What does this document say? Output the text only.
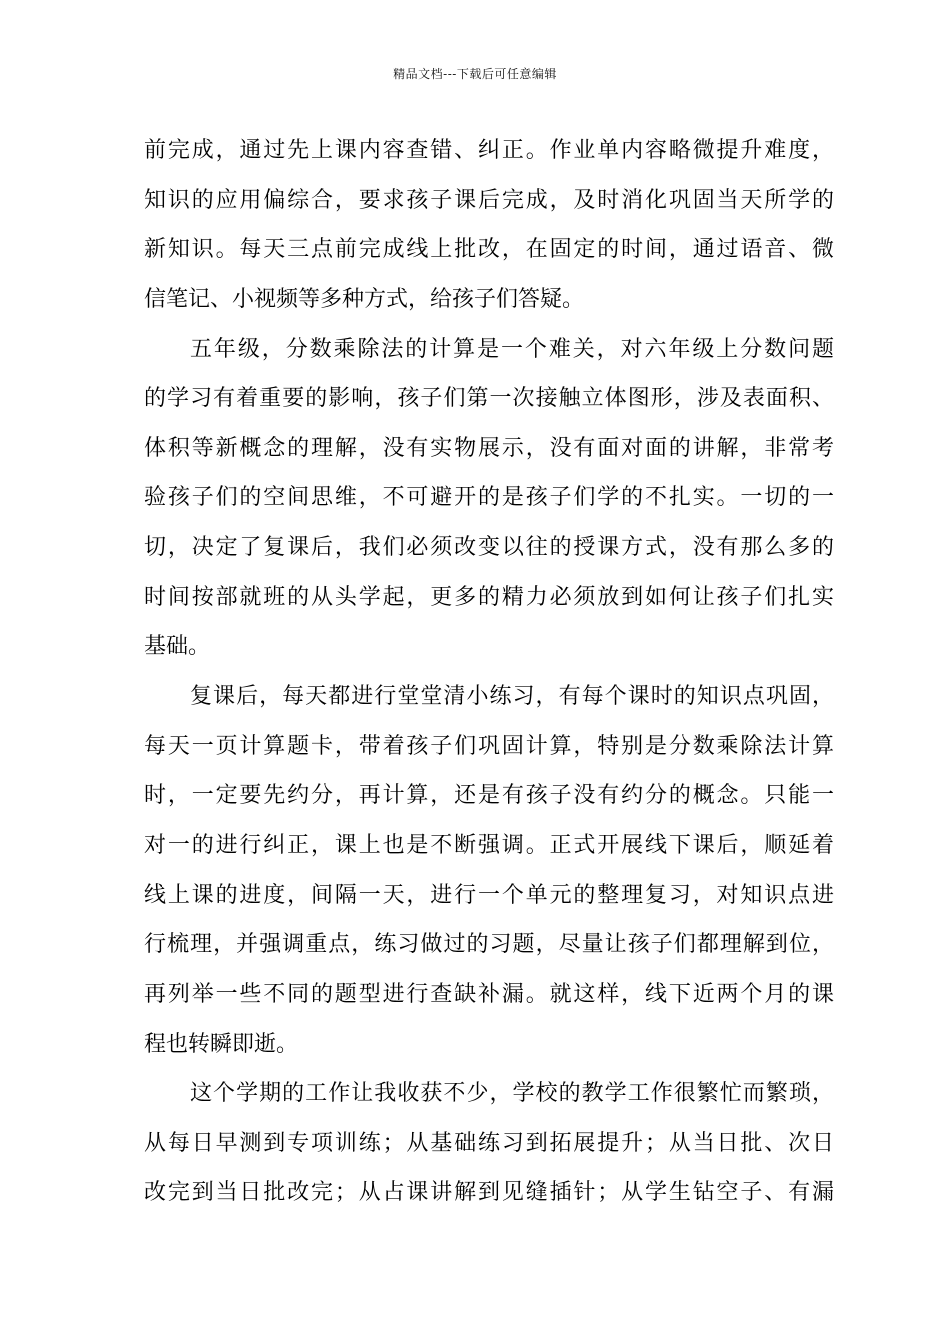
精品文档---下载后可任意编辑
前完成，通过先上课内容查错、纠正。作业单内容略微提升难度，
知识的应用偏综合，要求孩子课后完成，及时消化巩固当天所学的
新知识。每天三点前完成线上批改，在固定的时间，通过语音、微
信笔记、小视频等多种方式，给孩子们答疑。
五年级，分数乘除法的计算是一个难关，对六年级上分数问题
的学习有着重要的影响，孩子们第一次接触立体图形，涉及表面积、
体积等新概念的理解，没有实物展示，没有面对面的讲解，非常考
验孩子们的空间思维，不可避开的是孩子们学的不扎实。一切的一
切，决定了复课后，我们必须改变以往的授课方式，没有那么多的
时间按部就班的从头学起，更多的精力必须放到如何让孩子们扎实
基础。
复课后，每天都进行堂堂清小练习，有每个课时的知识点巩固，
每天一页计算题卡，带着孩子们巩固计算，特别是分数乘除法计算
时，一定要先约分，再计算，还是有孩子没有约分的概念。只能一
对一的进行纠正，课上也是不断强调。正式开展线下课后，顺延着
线上课的进度，间隔一天，进行一个单元的整理复习，对知识点进
行梳理，并强调重点，练习做过的习题，尽量让孩子们都理解到位，
再列举一些不同的题型进行查缺补漏。就这样，线下近两个月的课
程也转瞬即逝。
这个学期的工作让我收获不少，学校的教学工作很繁忙而繁琐，
从每日早测到专项训练；从基础练习到拓展提升；从当日批、次日
改完到当日批改完；从占课讲解到见缝插针；从学生钻空子、有漏
